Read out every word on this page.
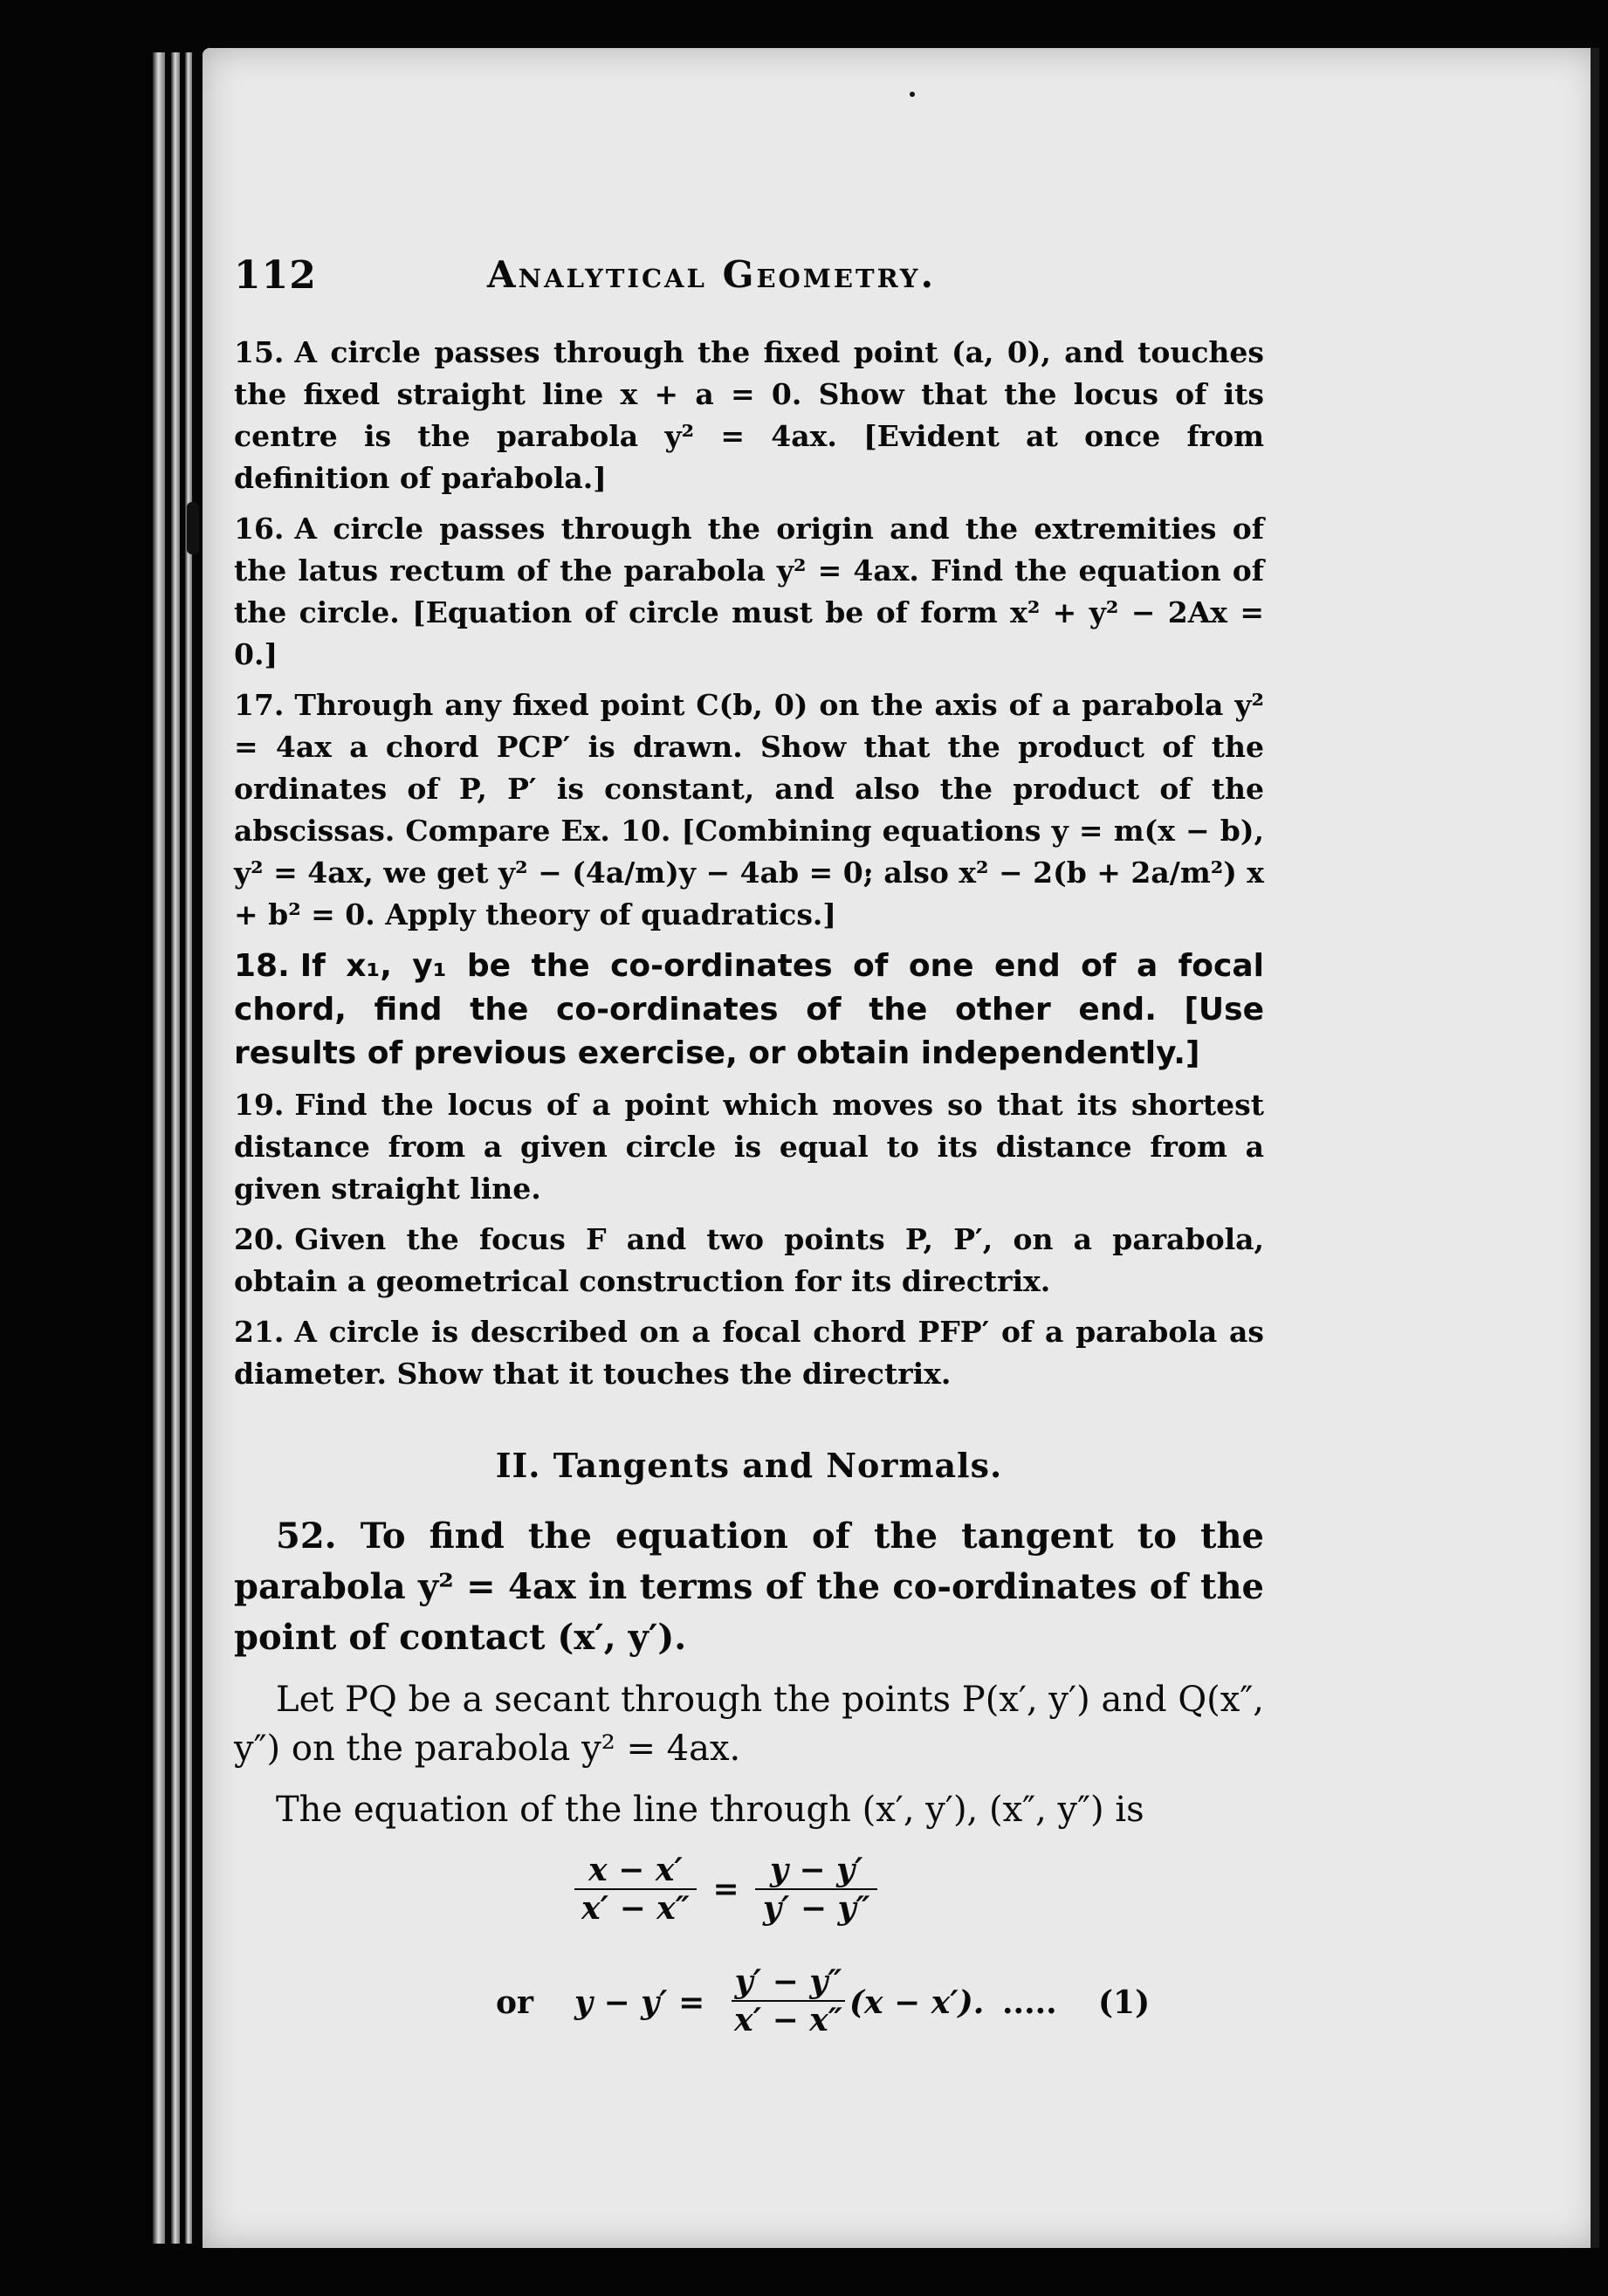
112	Analytical Geometry.

15. A circle passes through the fixed point (a, 0), and touches the fixed straight line x + a = 0. Show that the locus of its centre is the parabola y² = 4ax. [Evident at once from definition of parabola.]

16. A circle passes through the origin and the extremities of the latus rectum of the parabola y² = 4ax. Find the equation of the circle. [Equation of circle must be of form x² + y² − 2Ax = 0.]

17. Through any fixed point C(b, 0) on the axis of a parabola y² = 4ax a chord PCP′ is drawn. Show that the product of the ordinates of P, P′ is constant, and also the product of the abscissas. Compare Ex. 10. [Combining equations y = m(x − b), y² = 4ax, we get y² − (4a/m)y − 4ab = 0; also x² − 2(b + 2a/m²) x + b² = 0. Apply theory of quadratics.]

18. If x₁, y₁ be the co-ordinates of one end of a focal chord, find the co-ordinates of the other end. [Use results of previous exercise, or obtain independently.]

19. Find the locus of a point which moves so that its shortest distance from a given circle is equal to its distance from a given straight line.

20. Given the focus F and two points P, P′, on a parabola, obtain a geometrical construction for its directrix.

21. A circle is described on a focal chord PFP′ of a parabola as diameter. Show that it touches the directrix.

II. Tangents and Normals.

52. To find the equation of the tangent to the parabola y² = 4ax in terms of the co-ordinates of the point of contact (x′, y′).

Let PQ be a secant through the points P(x′, y′) and Q(x″, y″) on the parabola y² = 4ax.

The equation of the line through (x′, y′), (x″, y″) is

$\frac{x - x'}{x' - x''} = \frac{y - y'}{y' - y''}$
or y − y′ =
y′ − y″
x′ − x″ (x − x′). ..... (1)
